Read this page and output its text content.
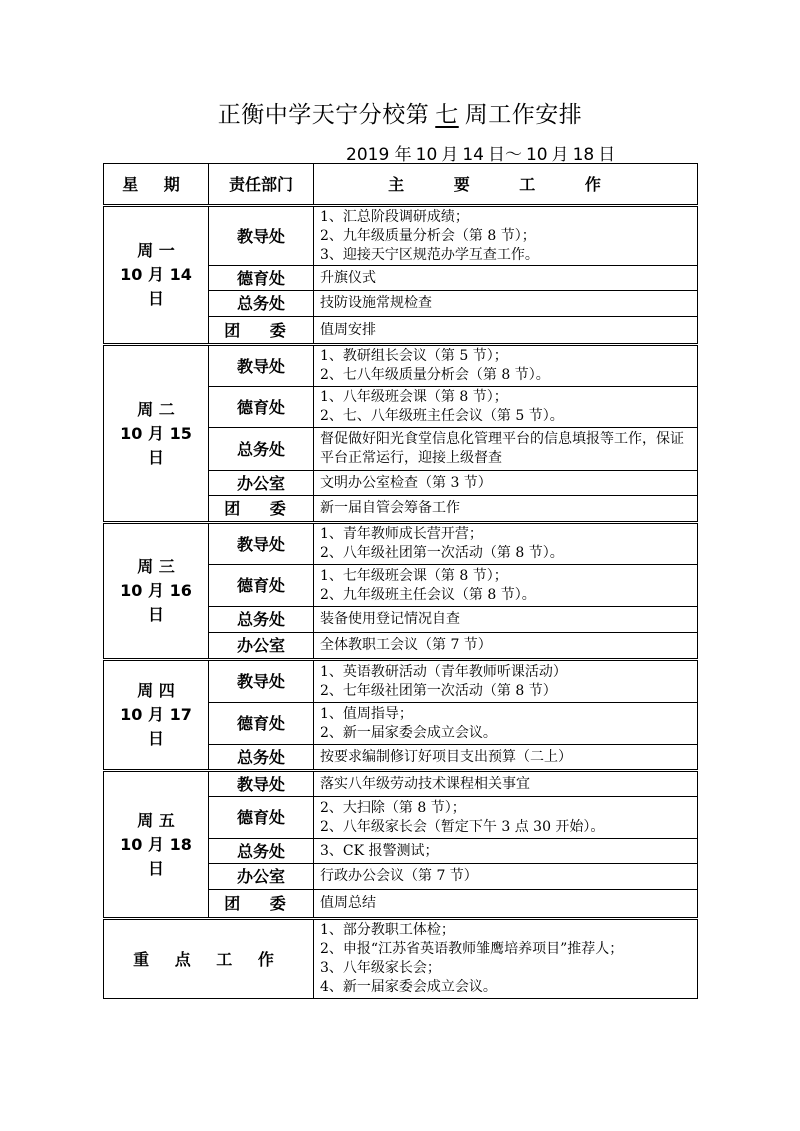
正衡中学天宁分校第 七 周工作安排
2019 年 10 月 14 日～ 10 月 18 日
星 期	责任部门	主 要 工 作
周 一
10 月 14 日	教导处	1、汇总阶段调研成绩；
2、九年级质量分析会（第 8 节）；
3、迎接天宁区规范办学互查工作。

	德育处	升旗仪式

	总务处	技防设施常规检查

	团 委	值周安排

周 二
10 月 15 日	教导处	1、教研组长会议（第 5 节）；
2、七八年级质量分析会（第 8 节）。

	德育处	1、八年级班会课（第 8 节）；
2、七、八年级班主任会议（第 5 节）。

	总务处	督促做好阳光食堂信息化管理平台的信息填报等工作，保证平台正常运行，迎接上级督查

	办公室	文明办公室检查（第 3 节）

	团 委	新一届自管会筹备工作

周 三
10 月 16 日	教导处	1、青年教师成长营开营；
2、八年级社团第一次活动（第 8 节）。

	德育处	1、七年级班会课（第 8 节）；
2、九年级班主任会议（第 8 节）。

	总务处	装备使用登记情况自查

	办公室	全体教职工会议（第 7 节）

周 四
10 月 17 日	教导处	1、英语教研活动（青年教师听课活动）
2、七年级社团第一次活动（第 8 节）

	德育处	1、值周指导；
2、新一届家委会成立会议。

	总务处	按要求编制修订好项目支出预算（二上）

周 五
10 月 18 日	教导处	落实八年级劳动技术课程相关事宜

	德育处	2、大扫除（第 8 节）；
2、八年级家长会（暂定下午 3 点 30 开始）。

	总务处	3、CK 报警测试；

	办公室	行政办公会议（第 7 节）

	团 委	值周总结

重 点 工 作		1、部分教职工体检；
2、申报“江苏省英语教师雏鹰培养项目”推荐人；
3、八年级家长会；
4、新一届家委会成立会议。
